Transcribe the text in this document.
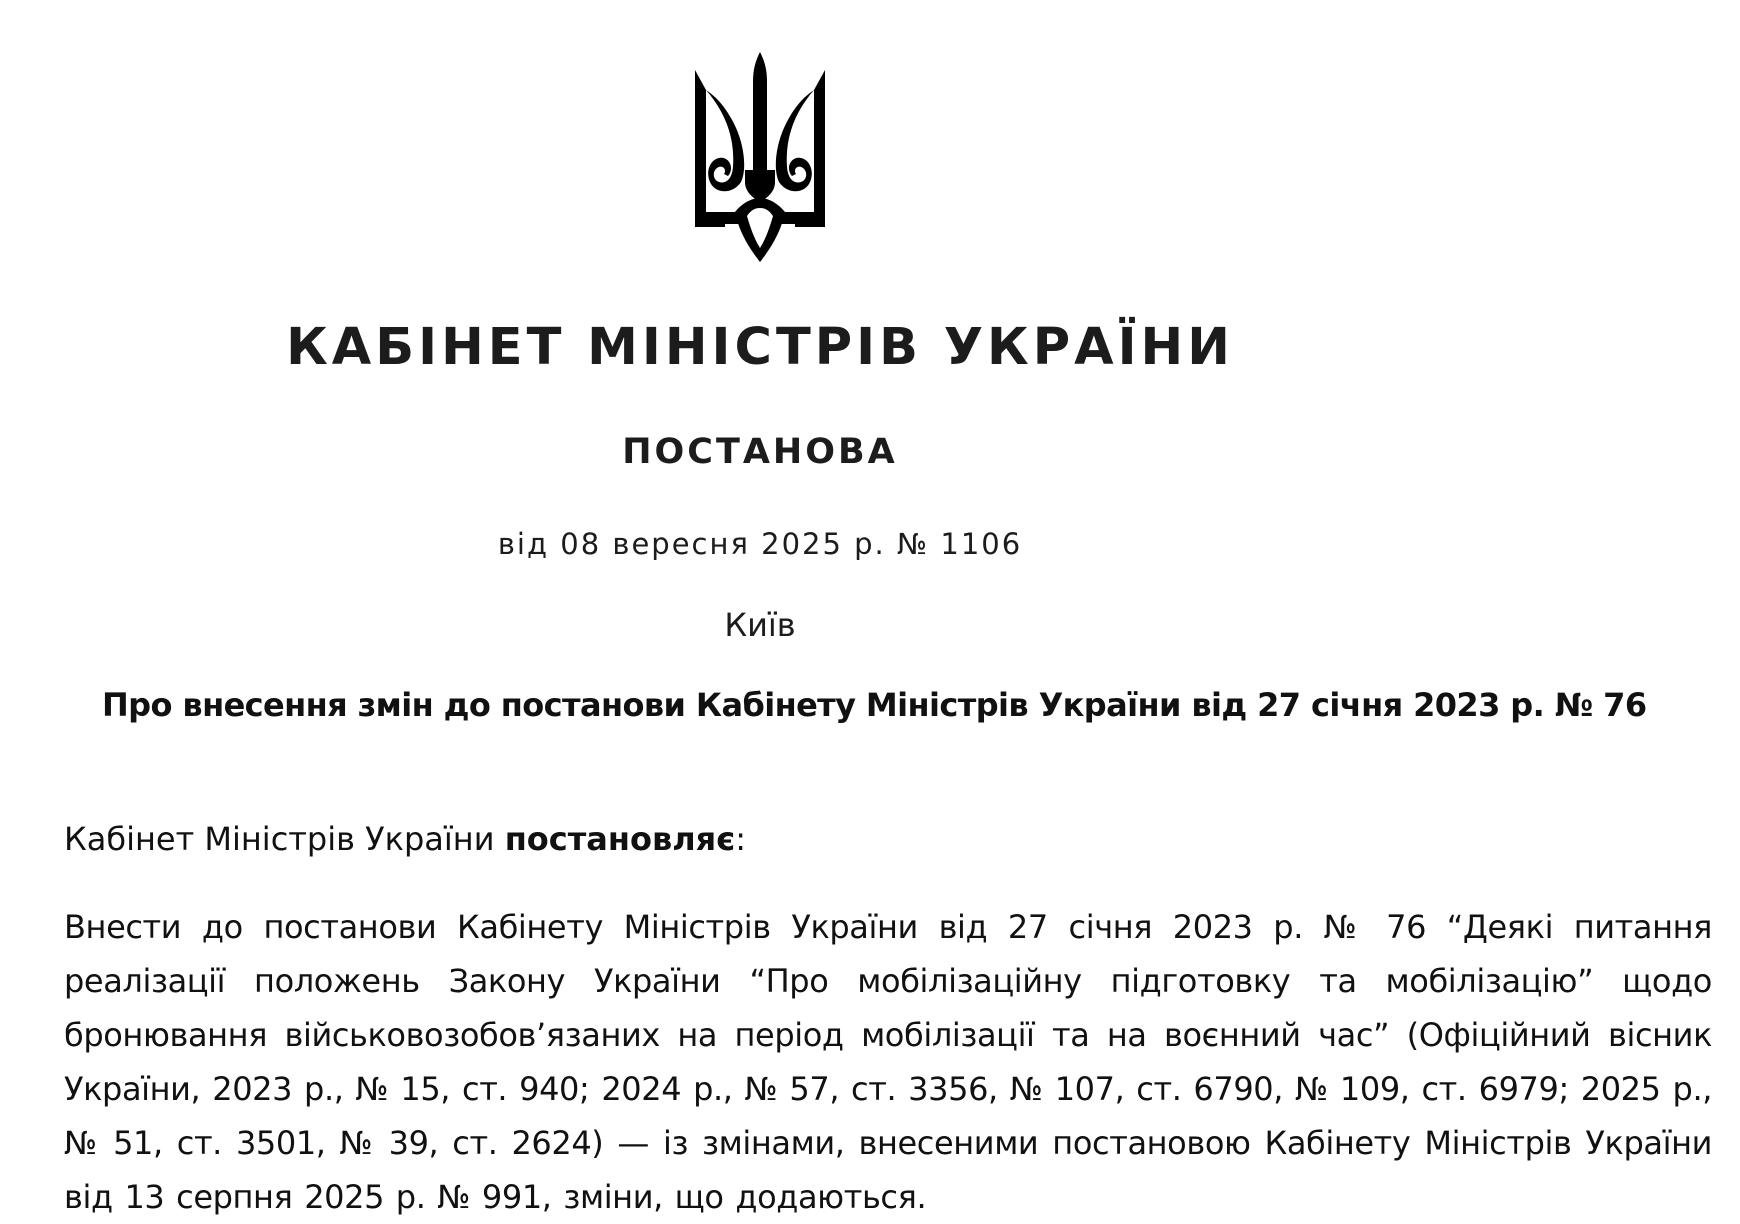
КАБІНЕТ МІНІСТРІВ УКРАЇНИ
ПОСТАНОВА
від 08 вересня 2025 р. № 1106
Київ
Про внесення змін до постанови Кабінету Міністрів України від 27 січня 2023 р. № 76
Кабінет Міністрів України постановляє:
Внести до постанови Кабінету Міністрів України від 27 січня 2023 р. № 76 “Деякі питання реалізації положень Закону України “Про мобілізаційну підготовку та мобілізацію” щодо бронювання військовозобов’язаних на період мобілізації та на воєнний час” (Офіційний вісник України, 2023 р., № 15, ст. 940; 2024 р., № 57, ст. 3356, № 107, ст. 6790, № 109, ст. 6979; 2025 р., № 51, ст. 3501, № 39, ст. 2624) — із змінами, внесеними постановою Кабінету Міністрів України від 13 серпня 2025 р. № 991, зміни, що додаються.
